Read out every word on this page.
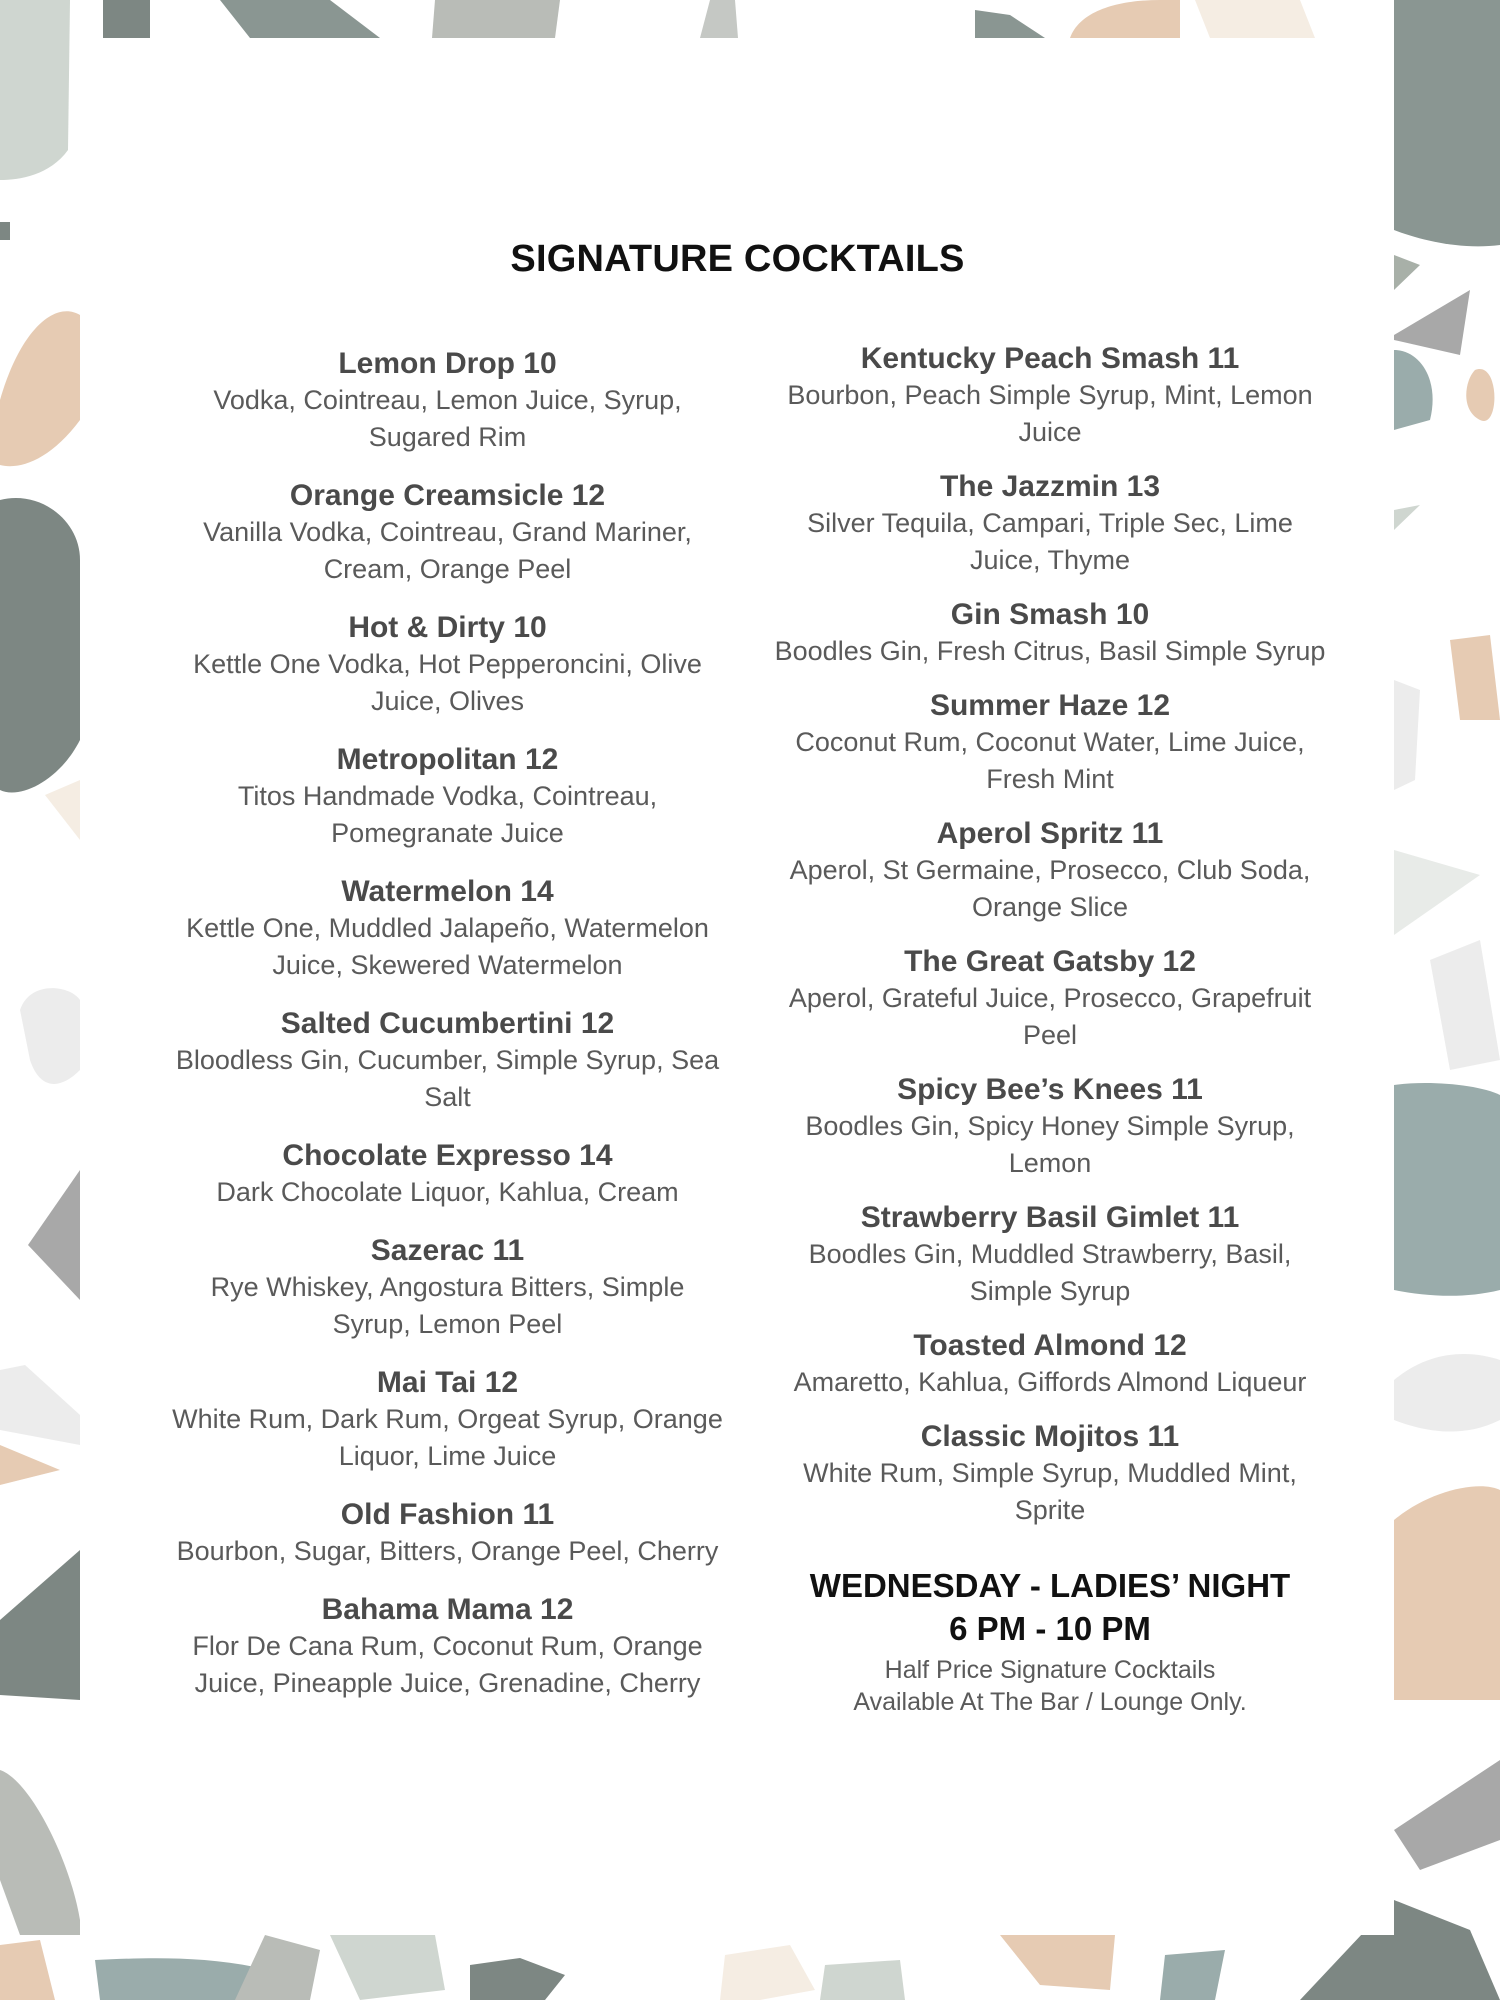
SIGNATURE COCKTAILS
Lemon Drop 10

Vodka, Cointreau, Lemon Juice, Syrup, Sugared Rim

Orange Creamsicle 12

Vanilla Vodka, Cointreau, Grand Mariner, Cream, Orange Peel

Hot & Dirty 10

Kettle One Vodka, Hot Pepperoncini, Olive Juice, Olives

Metropolitan 12

Titos Handmade Vodka, Cointreau, Pomegranate Juice

Watermelon 14

Kettle One, Muddled Jalapeño, Watermelon Juice, Skewered Watermelon

Salted Cucumbertini 12

Bloodless Gin, Cucumber, Simple Syrup, Sea Salt

Chocolate Expresso 14

Dark Chocolate Liquor, Kahlua, Cream

Sazerac 11

Rye Whiskey, Angostura Bitters, Simple Syrup, Lemon Peel

Mai Tai 12

White Rum, Dark Rum, Orgeat Syrup, Orange Liquor, Lime Juice

Old Fashion 11

Bourbon, Sugar, Bitters, Orange Peel, Cherry

Bahama Mama 12

Flor De Cana Rum, Coconut Rum, Orange Juice, Pineapple Juice, Grenadine, Cherry

Kentucky Peach Smash 11

Bourbon, Peach Simple Syrup, Mint, Lemon Juice

The Jazzmin 13

Silver Tequila, Campari, Triple Sec, Lime Juice, Thyme

Gin Smash 10

Boodles Gin, Fresh Citrus, Basil Simple Syrup

Summer Haze 12

Coconut Rum, Coconut Water, Lime Juice, Fresh Mint

Aperol Spritz 11

Aperol, St Germaine, Prosecco, Club Soda, Orange Slice

The Great Gatsby 12

Aperol, Grateful Juice, Prosecco, Grapefruit Peel

Spicy Bee’s Knees 11

Boodles Gin, Spicy Honey Simple Syrup, Lemon

Strawberry Basil Gimlet 11

Boodles Gin, Muddled Strawberry, Basil, Simple Syrup

Toasted Almond 12

Amaretto, Kahlua, Giffords Almond Liqueur

Classic Mojitos 11

White Rum, Simple Syrup, Muddled Mint, Sprite

WEDNESDAY - LADIES’ NIGHT
6 PM - 10 PM

Half Price Signature Cocktails

Available At The Bar / Lounge Only.
